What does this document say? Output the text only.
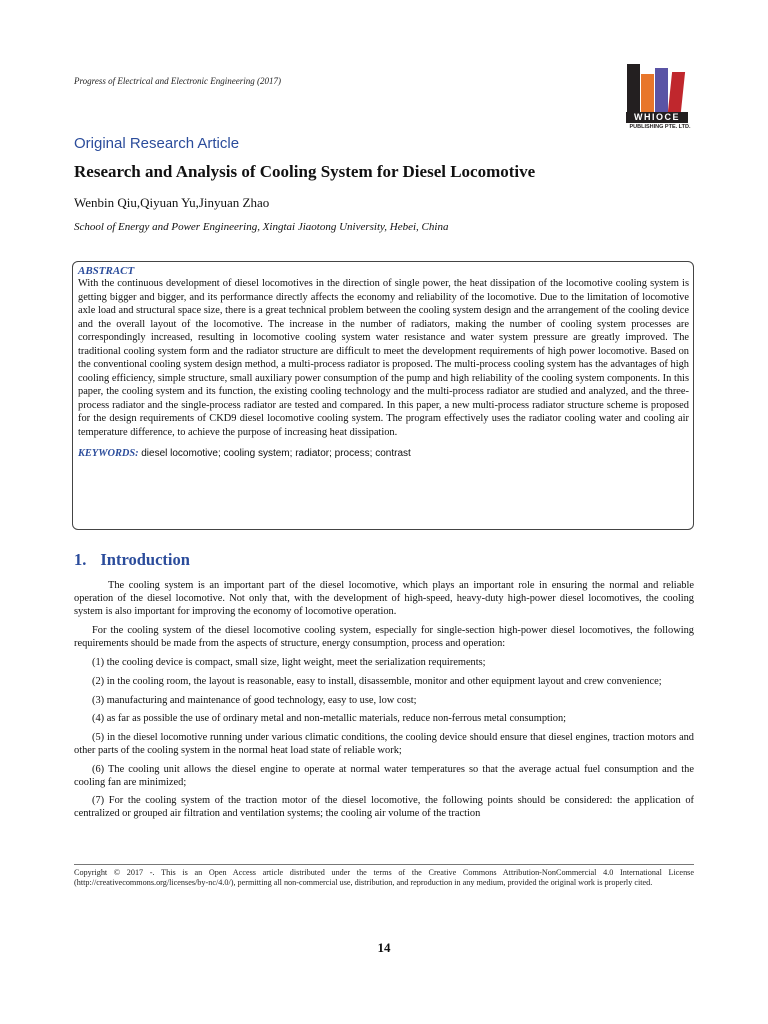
Progress of Electrical and Electronic Engineering (2017)
WHIOCE
PUBLISHING PTE. LTD.
Original Research Article
Research and Analysis of Cooling System for Diesel Locomotive
Wenbin Qiu,Qiyuan Yu,Jinyuan Zhao
School of Energy and Power Engineering, Xingtai Jiaotong University, Hebei, China
ABSTRACT
With the continuous development of diesel locomotives in the direction of single power, the heat dissipation of the locomotive cooling system is getting bigger and bigger, and its performance directly affects the economy and reliability of the locomotive. Due to the limitation of locomotive axle load and structural space size, there is a great technical problem between the cooling system design and the arrangement of the cooling device and the overall layout of the locomotive. The increase in the number of radiators, making the number of cooling system processes are correspondingly increased, resulting in locomotive cooling system water resistance and water system pressure are greatly improved. The traditional cooling system form and the radiator structure are difficult to meet the development requirements of high power locomotive. Based on the conventional cooling system design method, a multi-process radiator is proposed. The multi-process cooling system has the advantages of high cooling efficiency, simple structure, small auxiliary power consumption of the pump and high reliability of the cooling system components. In this paper, the cooling system and its function, the existing cooling technology and the multi-process radiator are studied and analyzed, and the three-process radiator and the single-process radiator are tested and compared. In this paper, a new multi-process radiator structure scheme is proposed for the design requirements of CKD9 diesel locomotive cooling system. The program effectively uses the radiator cooling water and cooling air temperature difference, to achieve the purpose of increasing heat dissipation.
KEYWORDS: diesel locomotive; cooling system; radiator; process; contrast
1. Introduction

The cooling system is an important part of the diesel locomotive, which plays an important role in ensuring the normal and reliable operation of the diesel locomotive. Not only that, with the development of high-speed, heavy-duty high-power diesel locomotives, the cooling system is also important for improving the economy of locomotive operation.

For the cooling system of the diesel locomotive cooling system, especially for single-section high-power diesel locomotives, the following requirements should be made from the aspects of structure, energy consumption, process and operation:

(1) the cooling device is compact, small size, light weight, meet the serialization requirements;

(2) in the cooling room, the layout is reasonable, easy to install, disassemble, monitor and other equipment layout and crew convenience;

(3) manufacturing and maintenance of good technology, easy to use, low cost;

(4) as far as possible the use of ordinary metal and non-metallic materials, reduce non-ferrous metal consumption;

(5) in the diesel locomotive running under various climatic conditions, the cooling device should ensure that diesel engines, traction motors and other parts of the cooling system in the normal heat load state of reliable work;

(6) The cooling unit allows the diesel engine to operate at normal water temperatures so that the average actual fuel consumption and the cooling fan are minimized;

(7) For the cooling system of the traction motor of the diesel locomotive, the following points should be considered: the application of centralized or grouped air filtration and ventilation systems; the cooling air volume of the traction

Copyright © 2017 -. This is an Open Access article distributed under the terms of the Creative Commons Attribution-NonCommercial 4.0 International License (http://creativecommons.org/licenses/by-nc/4.0/), permitting all non-commercial use, distribution, and reproduction in any medium, provided the original work is properly cited.
14
